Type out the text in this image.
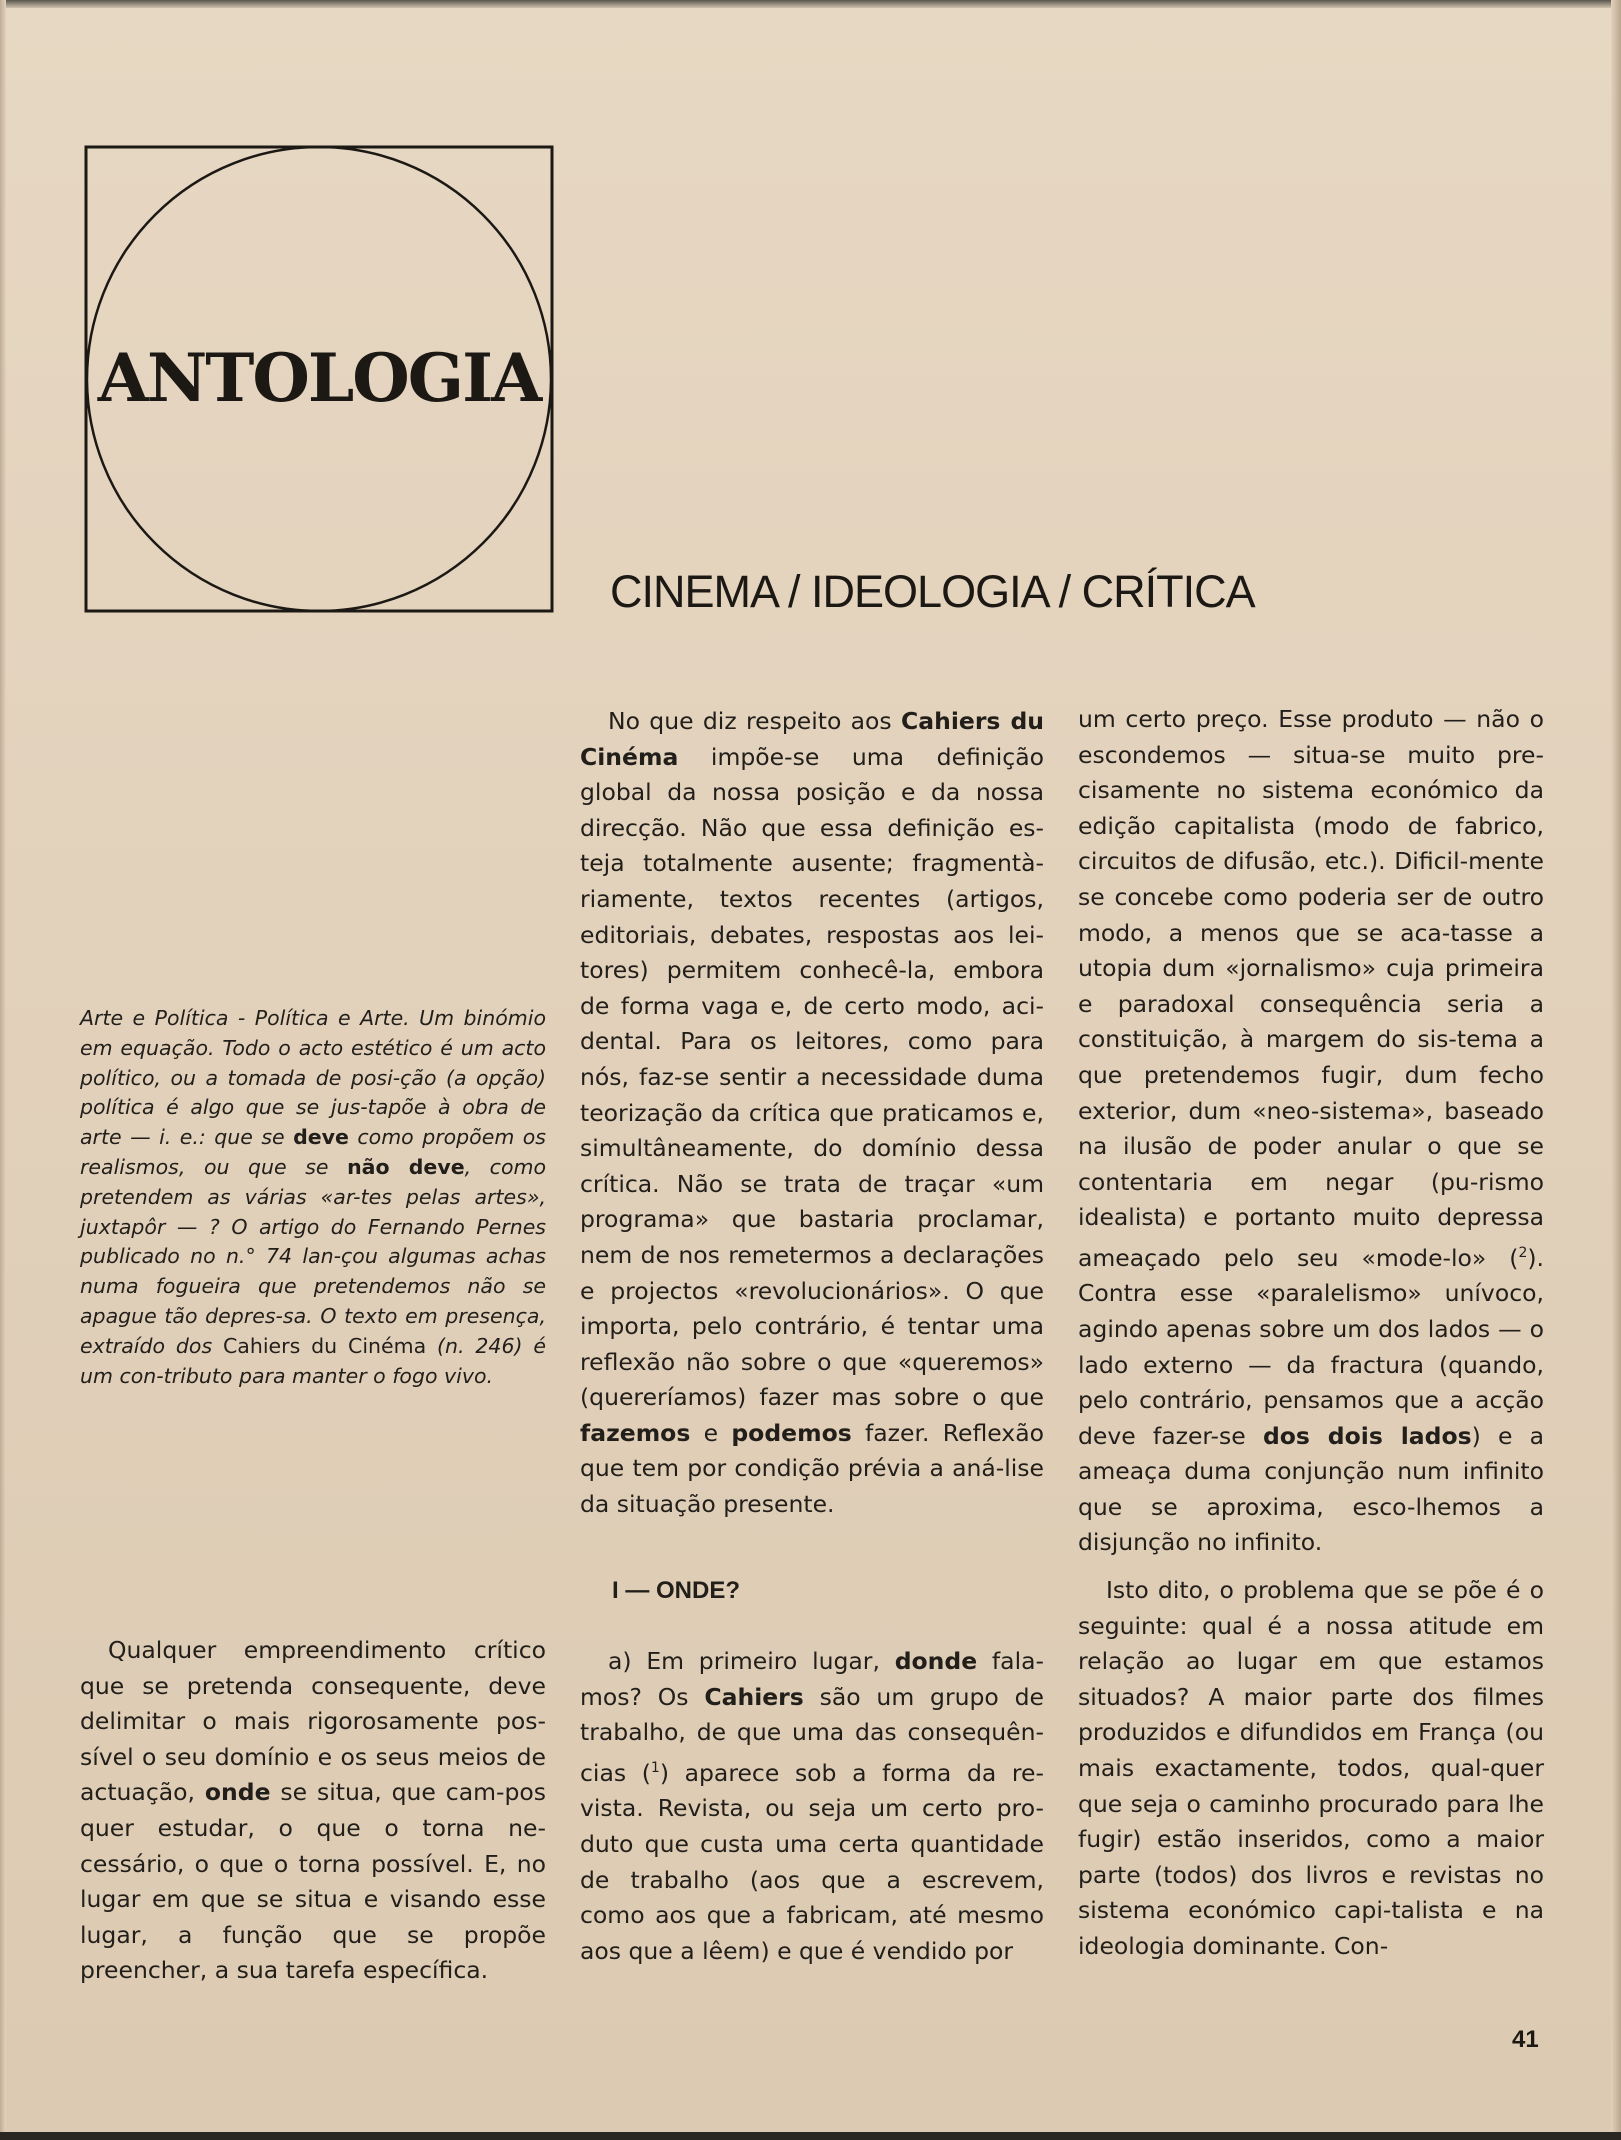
ANTOLOGIA
CINEMA / IDEOLOGIA / CRÍTICA
Arte e Política - Política e Arte. Um binómio em equação. Todo o acto estético é um acto político, ou a tomada de posi-ção (a opção) política é algo que se jus-tapõe à obra de arte — i. e.: que se deve como propõem os realismos, ou que se não deve, como pretendem as várias «ar-tes pelas artes», juxtapôr — ? O artigo do Fernando Pernes publicado no n.° 74 lan-çou algumas achas numa fogueira que pretendemos não se apague tão depres-sa. O texto em presença, extraído dos Cahiers du Cinéma (n. 246) é um con-tributo para manter o fogo vivo.

Qualquer empreendimento crítico que se pretenda consequente, deve delimitar o mais rigorosamente pos-sível o seu domínio e os seus meios de actuação, onde se situa, que cam-pos quer estudar, o que o torna ne-cessário, o que o torna possível. E, no lugar em que se situa e visando esse lugar, a função que se propõe preencher, a sua tarefa específica.

No que diz respeito aos Cahiers du Cinéma impõe-se uma definição global da nossa posição e da nossa direcção. Não que essa definição es-teja totalmente ausente; fragmentà-riamente, textos recentes (artigos, editoriais, debates, respostas aos lei-tores) permitem conhecê-la, embora de forma vaga e, de certo modo, aci-dental. Para os leitores, como para nós, faz-se sentir a necessidade duma teorização da crítica que praticamos e, simultâneamente, do domínio dessa crítica. Não se trata de traçar «um programa» que bastaria proclamar, nem de nos remetermos a declarações e projectos «revolucionários». O que importa, pelo contrário, é tentar uma reflexão não sobre o que «queremos» (quereríamos) fazer mas sobre o que fazemos e podemos fazer. Reflexão que tem por condição prévia a aná-lise da situação presente.

I — ONDE?

a) Em primeiro lugar, donde fala-mos? Os Cahiers são um grupo de trabalho, de que uma das consequên-cias ($^1$) aparece sob a forma da re-vista. Revista, ou seja um certo pro-duto que custa uma certa quantidade de trabalho (aos que a escrevem, como aos que a fabricam, até mesmo aos que a lêem) e que é vendido por

um certo preço. Esse produto — não o escondemos — situa-se muito pre-cisamente no sistema económico da edição capitalista (modo de fabrico, circuitos de difusão, etc.). Dificil-mente se concebe como poderia ser de outro modo, a menos que se aca-tasse a utopia dum «jornalismo» cuja primeira e paradoxal consequência seria a constituição, à margem do sis-tema a que pretendemos fugir, dum fecho exterior, dum «neo-sistema», baseado na ilusão de poder anular o que se contentaria em negar (pu-rismo idealista) e portanto muito depressa ameaçado pelo seu «mode-lo» ($^2$). Contra esse «paralelismo» unívoco, agindo apenas sobre um dos lados — o lado externo — da fractura (quando, pelo contrário, pensamos que a acção deve fazer-se dos dois lados) e a ameaça duma conjunção num infinito que se aproxima, esco-lhemos a disjunção no infinito.

Isto dito, o problema que se põe é o seguinte: qual é a nossa atitude em relação ao lugar em que estamos situados? A maior parte dos filmes produzidos e difundidos em França (ou mais exactamente, todos, qual-quer que seja o caminho procurado para lhe fugir) estão inseridos, como a maior parte (todos) dos livros e revistas no sistema económico capi-talista e na ideologia dominante. Con-

41
